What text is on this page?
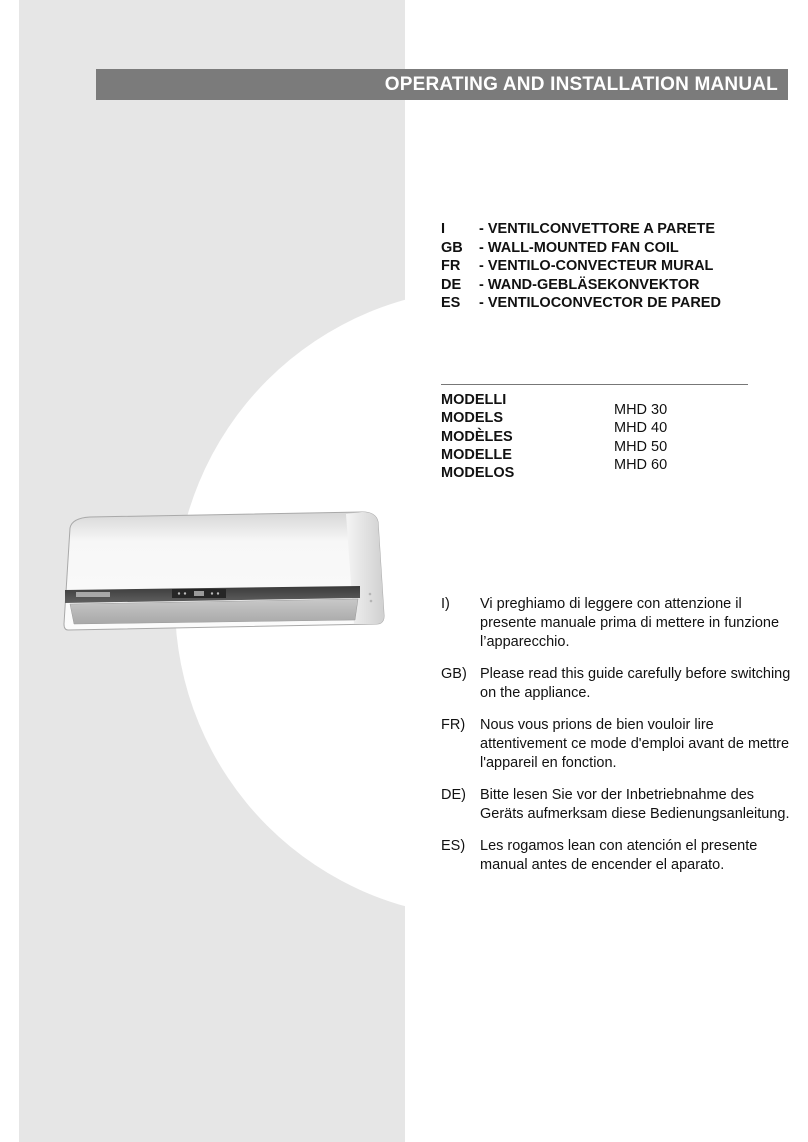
OPERATING AND INSTALLATION MANUAL
I	- VENTILCONVETTORE A PARETE
GB	- WALL-MOUNTED FAN COIL
FR	- VENTILO-CONVECTEUR MURAL
DE	- WAND-GEBLÄSEKONVEKTOR
ES	- VENTILOCONVECTOR DE PARED
MODELLI
MODELS
MODÈLES
MODELLE
MODELOS
MHD 30
MHD 40
MHD 50
MHD 60
I)	Vi preghiamo di leggere con attenzione il presente manuale prima di mettere in funzione l’apparecchio.
GB) Please read this guide carefully before switching on the appliance.
FR)	Nous vous prions de bien vouloir lire attentivement ce mode d'emploi avant de mettre l'appareil en fonction.
DE) Bitte lesen Sie vor der Inbetriebnahme des Geräts aufmerksam diese Bedienungsanleitung.
ES)	Les rogamos lean con atención el presente manual antes de encender el aparato.
